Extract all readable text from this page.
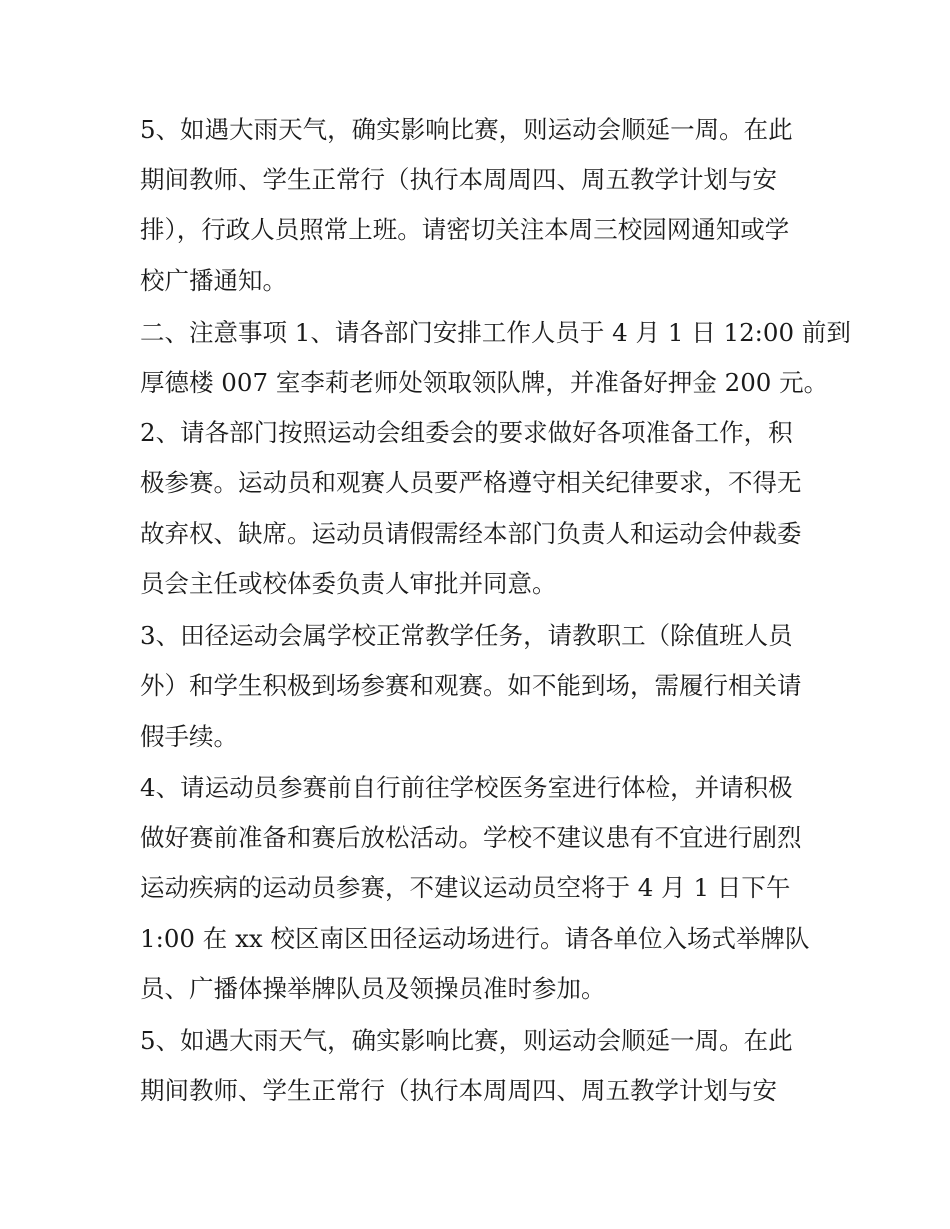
5、如遇大雨天气，确实影响比赛，则运动会顺延一周。在此
期间教师、学生正常行（执行本周周四、周五教学计划与安
排），行政人员照常上班。请密切关注本周三校园网通知或学
校广播通知。
二、注意事项 1、请各部门安排工作人员于 4 月 1 日 12:00 前到
厚德楼 007 室李莉老师处领取领队牌，并准备好押金 200 元。
2、请各部门按照运动会组委会的要求做好各项准备工作，积
极参赛。运动员和观赛人员要严格遵守相关纪律要求，不得无
故弃权、缺席。运动员请假需经本部门负责人和运动会仲裁委
员会主任或校体委负责人审批并同意。
3、田径运动会属学校正常教学任务，请教职工（除值班人员
外）和学生积极到场参赛和观赛。如不能到场，需履行相关请
假手续。
4、请运动员参赛前自行前往学校医务室进行体检，并请积极
做好赛前准备和赛后放松活动。学校不建议患有不宜进行剧烈
运动疾病的运动员参赛，不建议运动员空将于 4 月 1 日下午
1:00 在 xx 校区南区田径运动场进行。请各单位入场式举牌队
员、广播体操举牌队员及领操员准时参加。
5、如遇大雨天气，确实影响比赛，则运动会顺延一周。在此
期间教师、学生正常行（执行本周周四、周五教学计划与安
